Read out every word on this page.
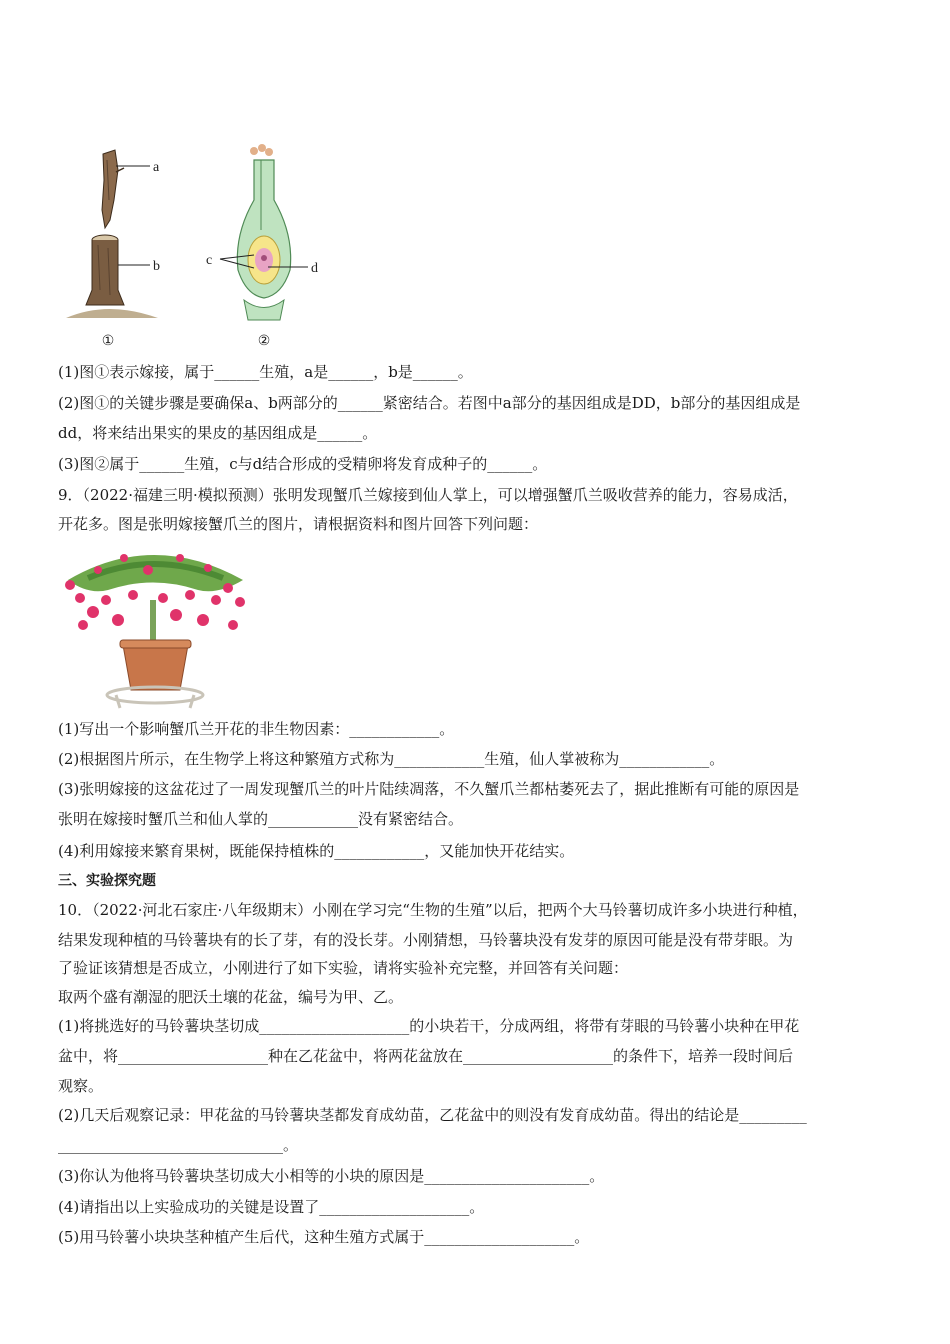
a
b
①
c
d
②
(1)图①表示嫁接，属于______生殖，a是______，b是______。
(2)图①的关键步骤是要确保a、b两部分的______紧密结合。若图中a部分的基因组成是DD，b部分的基因组成是
dd，将来结出果实的果皮的基因组成是______。
(3)图②属于______生殖，c与d结合形成的受精卵将发育成种子的______。
9．（2022·福建三明·模拟预测）张明发现蟹爪兰嫁接到仙人掌上，可以增强蟹爪兰吸收营养的能力，容易成活，
开花多。图是张明嫁接蟹爪兰的图片，请根据资料和图片回答下列问题：
(1)写出一个影响蟹爪兰开花的非生物因素：____________。
(2)根据图片所示，在生物学上将这种繁殖方式称为____________生殖，仙人掌被称为____________。
(3)张明嫁接的这盆花过了一周发现蟹爪兰的叶片陆续凋落，不久蟹爪兰都枯萎死去了，据此推断有可能的原因是
张明在嫁接时蟹爪兰和仙人掌的____________没有紧密结合。
(4)利用嫁接来繁育果树，既能保持植株的____________，又能加快开花结实。
三、实验探究题
10．（2022·河北石家庄·八年级期末）小刚在学习完“生物的生殖”以后，把两个大马铃薯切成许多小块进行种植，
结果发现种植的马铃薯块有的长了芽，有的没长芽。小刚猜想，马铃薯块没有发芽的原因可能是没有带芽眼。为
了验证该猜想是否成立，小刚进行了如下实验，请将实验补充完整，并回答有关问题：
取两个盛有潮湿的肥沃土壤的花盆，编号为甲、乙。
(1)将挑选好的马铃薯块茎切成____________________的小块若干，分成两组，将带有芽眼的马铃薯小块种在甲花
盆中，将____________________种在乙花盆中，将两花盆放在____________________的条件下，培养一段时间后
观察。
(2)几天后观察记录：甲花盆的马铃薯块茎都发育成幼苗，乙花盆中的则没有发育成幼苗。得出的结论是_________
______________________________。
(3)你认为他将马铃薯块茎切成大小相等的小块的原因是______________________。
(4)请指出以上实验成功的关键是设置了____________________。
(5)用马铃薯小块块茎种植产生后代，这种生殖方式属于____________________。
